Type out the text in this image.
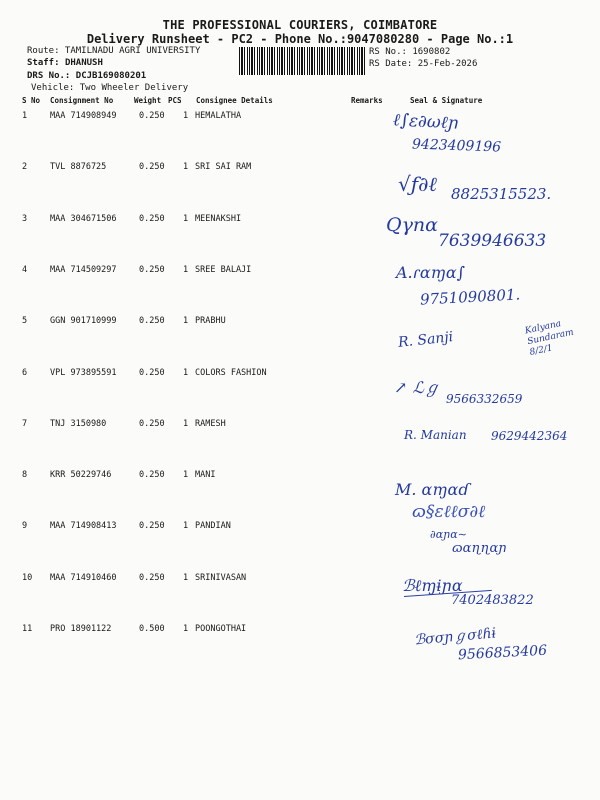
THE PROFESSIONAL COURIERS, COIMBATORE
Delivery Runsheet - PC2 - Phone No.:9047080280 - Page No.:1
Route: TAMILNADU AGRI UNIVERSITY
Staff: DHANUSH
DRS No.: DCJB169080201
Vehicle: Two Wheeler Delivery
RS No.: 1690802
RS Date: 25-Feb-2026
S No Consignment No	Weight PCS Consignee Details	Remarks	Seal & Signature
1	MAA 714908949	0.250 1 HEMALATHA
2	TVL 8876725	0.250 1 SRI SAI RAM
3	MAA 304671506	0.250 1 MEENAKSHI
4	MAA 714509297	0.250 1 SREE BALAJI
5	GGN 901710999	0.250 1 PRABHU
6	VPL 973895591	0.250 1 COLORS FASHION
7	TNJ 3150980	0.250 1 RAMESH
8	KRR 50229746	0.250 1 MANI
9	MAA 714908413	0.250 1 PANDIAN
10 MAA 714910460	0.250 1 SRINIVASAN
11 PRO 18901122	0.500 1 POONGOTHAI
ℓ∫ɛ∂ωℓɲ
9423409196
√ƒ∂ℓ 8825315523.
Qγnɑ
7639946633
A.ɾɑɱɑ∫
9751090801.
R. Sanji
Kalyana Sundaram 8/2/1
↗ ℒℊ
9566332659
R. Manian 9629442364
M. ɑɱɑɗ
ɷ§ɛℓℓσ∂ℓ
∂ɑɲɑ∼
ɷɑɳɳɑɲ
ℬℓɱɨɲɑ
7402483822
ℬσσɲℊσℓɦɨ
9566853406
